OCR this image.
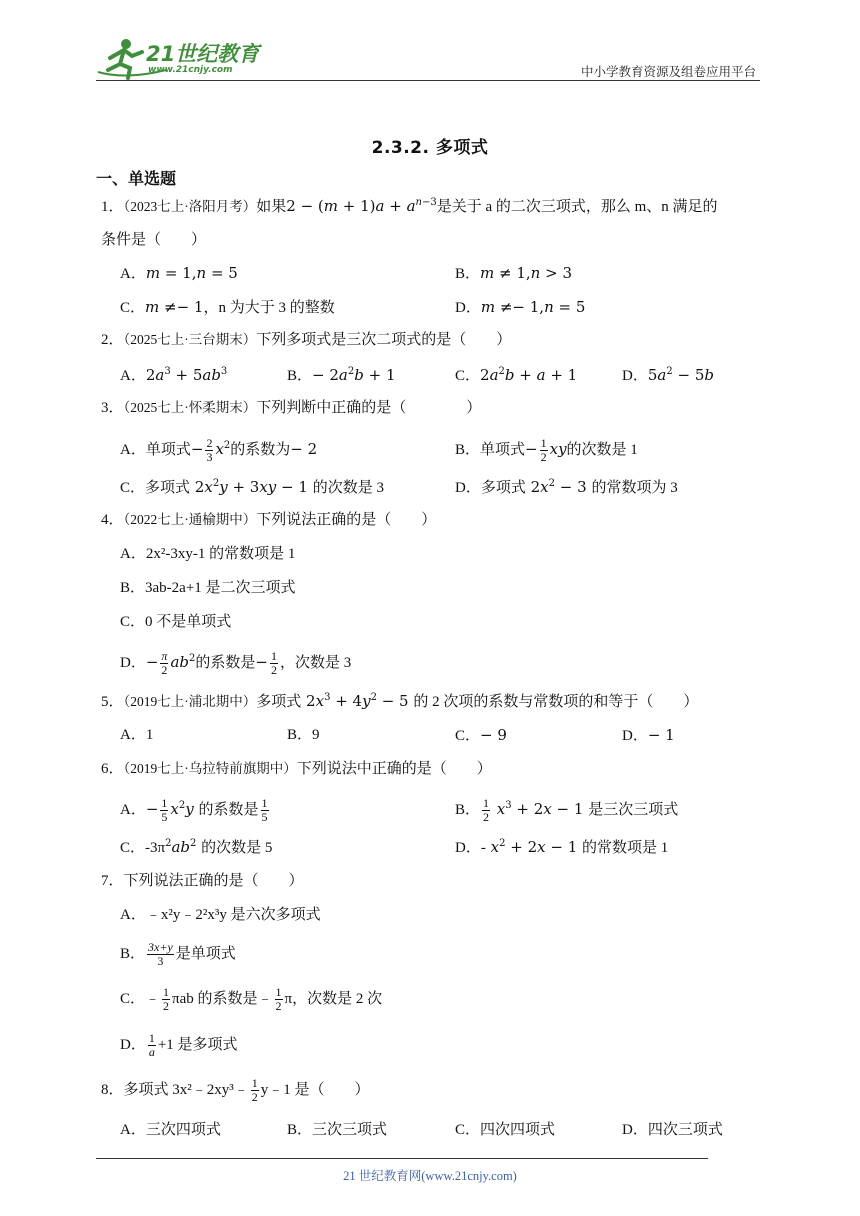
21世纪教育
www.21cnjy.com	中小学教育资源及组卷应用平台
2.3.2. 多项式
一、单选题
1．（2023七上·洛阳月考）如果$2 - (m + 1)a + a^{n-3}$是关于 a 的二次三项式，那么 m、n 满足的
条件是（　　）
A．m = 1,n = 5	B．m ≠ 1,n > 3
C．m ≠− 1，n 为大于 3 的整数	D．m ≠− 1,n = 5
2．（2025七上·三台期末）下列多项式是三次二项式的是（　　）
A．$2a^3 + 5ab^3$	B．− $2a^2b + 1$	C．$2a^2b + a + 1$	D．$5a^2 - 5b$
3．（2025七上·怀柔期末）下列判断中正确的是（　　　　）
A．单项式− $\frac{2}{3} x^2$的系数为− 2	B．单项式− $\frac{1}{2}$ xy的次数是 1
C．多项式 $2x^2y + 3xy - 1$ 的次数是 3	D．多项式 $2x^2 - 3$ 的常数项为 3
4．（2022七上·通榆期中）下列说法正确的是（　　）
A．2x²-3xy-1 的常数项是 1
B．3ab-2a+1 是二次三项式
C．0 不是单项式
D．− $\frac{\pi}{2} ab^2$的系数是− $\frac{1}{2}$ ，次数是 3
5．（2019七上·浦北期中）多项式 $2x^3 + 4y^2 - 5$ 的 2 次项的系数与常数项的和等于（　　）
A．1	B．9	C．− 9	D．− 1
6．（2019七上·乌拉特前旗期中）下列说法中正确的是（　　）
A．− $\frac{1}{5} x^2y$ 的系数是 $\frac{1}{5}$	B． $\frac{1}{2} x^3 + 2x - 1$ 是三次三项式
C．$-3\pi^2ab^2$ 的次数是 5	D．- $x^2 + 2x - 1$ 的常数项是 1
7．下列说法正确的是（　　）
A．﹣x²y﹣2²x³y 是六次多项式
B． $\frac{3x+y}{3}$ 是单项式
C．﹣ $\frac{1}{2}$ πab 的系数是﹣ $\frac{1}{2}$ π，次数是 2 次
D． $\frac{1}{a} +1$ 是多项式
8．多项式 3x²﹣2xy³﹣ $\frac{1}{2}$ y﹣1 是（　　）
A．三次四项式	B．三次三项式	C．四次四项式	D．四次三项式
21 世纪教育网(www.21cnjy.com)
